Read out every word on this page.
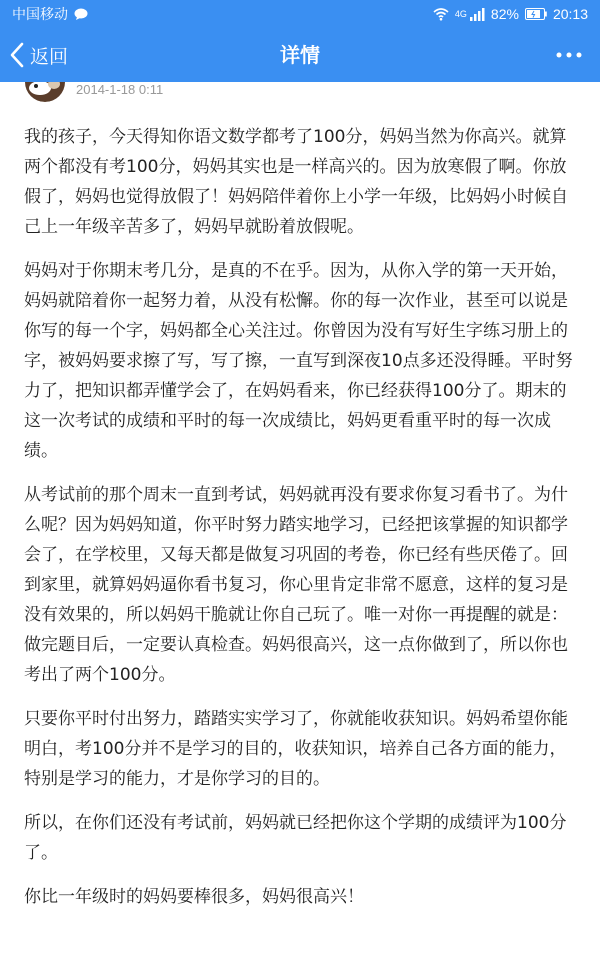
中国移动	4G 82% 20:13
返回	详情
2014-1-18 0:11

我的孩子，今天得知你语文数学都考了100分，妈妈当然为你高兴。就算两个都没有考100分，妈妈其实也是一样高兴的。因为放寒假了啊。你放假了，妈妈也觉得放假了！妈妈陪伴着你上小学一年级，比妈妈小时候自己上一年级辛苦多了，妈妈早就盼着放假呢。

妈妈对于你期末考几分，是真的不在乎。因为，从你入学的第一天开始，妈妈就陪着你一起努力着，从没有松懈。你的每一次作业，甚至可以说是你写的每一个字，妈妈都全心关注过。你曾因为没有写好生字练习册上的字，被妈妈要求擦了写，写了擦，一直写到深夜10点多还没得睡。平时努力了，把知识都弄懂学会了，在妈妈看来，你已经获得100分了。期末的这一次考试的成绩和平时的每一次成绩比，妈妈更看重平时的每一次成绩。

从考试前的那个周末一直到考试，妈妈就再没有要求你复习看书了。为什么呢？因为妈妈知道，你平时努力踏实地学习，已经把该掌握的知识都学会了，在学校里，又每天都是做复习巩固的考卷，你已经有些厌倦了。回到家里，就算妈妈逼你看书复习，你心里肯定非常不愿意，这样的复习是没有效果的，所以妈妈干脆就让你自己玩了。唯一对你一再提醒的就是：做完题目后，一定要认真检查。妈妈很高兴，这一点你做到了，所以你也考出了两个100分。

只要你平时付出努力，踏踏实实学习了，你就能收获知识。妈妈希望你能明白，考100分并不是学习的目的，收获知识，培养自己各方面的能力，特别是学习的能力，才是你学习的目的。

所以，在你们还没有考试前，妈妈就已经把你这个学期的成绩评为100分了。

你比一年级时的妈妈要棒很多，妈妈很高兴！
